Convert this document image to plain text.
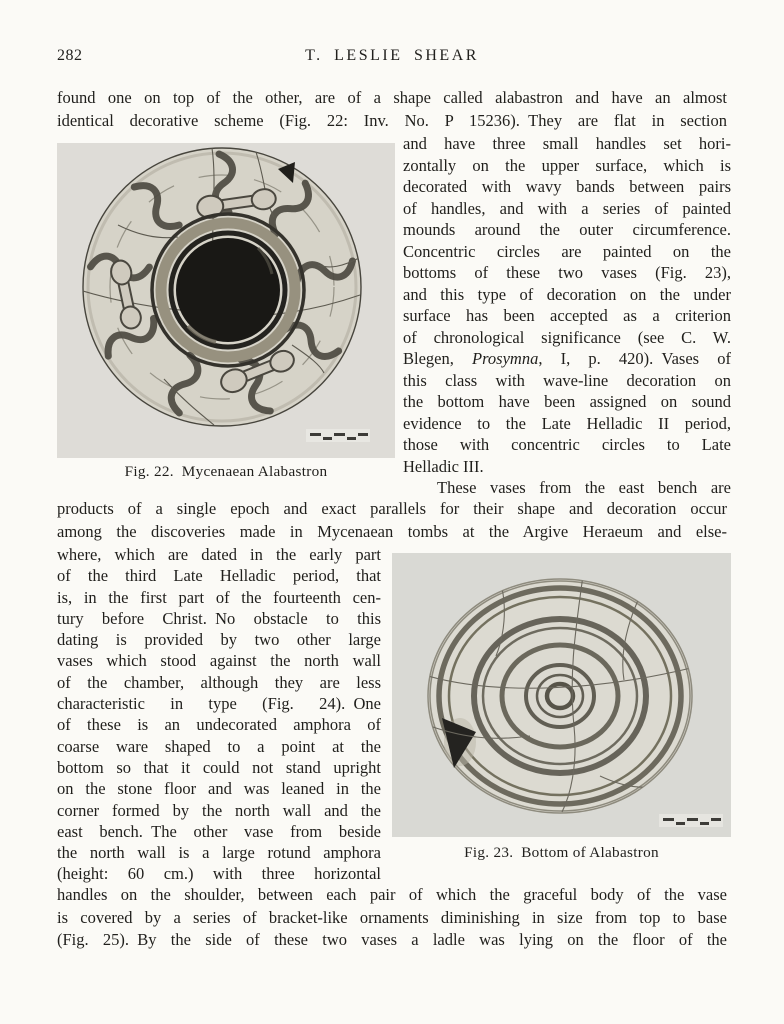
282	T. LESLIE SHEAR
found one on top of the other, are of a shape called alabastron and have an almost
identical decorative scheme (Fig. 22: Inv. No. P 15236). They are flat in section
Fig. 22. Mycenaean Alabastron
and have three small handles set hori-
zontally on the upper surface, which is
decorated with wavy bands between pairs
of handles, and with a series of painted
mounds around the outer circumference.
Concentric circles are painted on the
bottoms of these two vases (Fig. 23),
and this type of decoration on the under
surface has been accepted as a criterion
of chronological significance (see C. W.
Blegen, Prosymna, I, p. 420). Vases of
this class with wave-line decoration on
the bottom have been assigned on sound
evidence to the Late Helladic II period,
those with concentric circles to Late
Helladic III.
These vases from the east bench are
products of a single epoch and exact parallels for their shape and decoration occur
among the discoveries made in Mycenaean tombs at the Argive Heraeum and else-
where, which are dated in the early part
of the third Late Helladic period, that
is, in the first part of the fourteenth cen-
tury before Christ. No obstacle to this
dating is provided by two other large
vases which stood against the north wall
of the chamber, although they are less
characteristic in type (Fig. 24). One
of these is an undecorated amphora of
coarse ware shaped to a point at the
bottom so that it could not stand upright
on the stone floor and was leaned in the
corner formed by the north wall and the
east bench. The other vase from beside
the north wall is a large rotund amphora
(height: 60 cm.) with three horizontal
Fig. 23. Bottom of Alabastron
handles on the shoulder, between each pair of which the graceful body of the vase
is covered by a series of bracket-like ornaments diminishing in size from top to base
(Fig. 25). By the side of these two vases a ladle was lying on the floor of the
